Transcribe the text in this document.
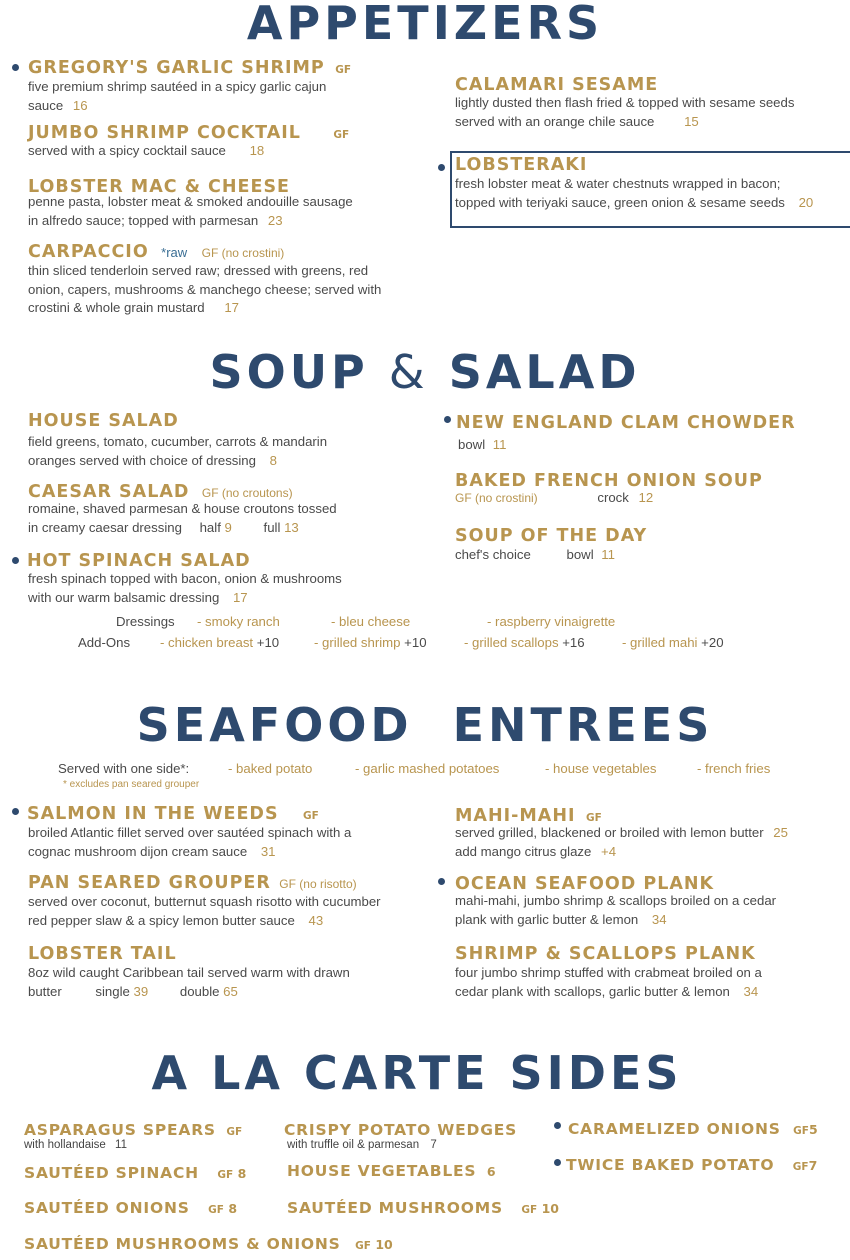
APPETIZERS
GREGORY'S GARLIC SHRIMP GF
five premium shrimp sautéed in a spicy garlic cajun
sauce 16
JUMBO SHRIMP COCKTAIL	GF
served with a spicy cocktail sauce 18
LOBSTER MAC & CHEESE
penne pasta, lobster meat & smoked andouille sausage
in alfredo sauce; topped with parmesan 23
CARPACCIO *raw GF (no crostini)
thin sliced tenderloin served raw; dressed with greens, red
onion, capers, mushrooms & manchego cheese; served with
crostini & whole grain mustard 17
CALAMARI SESAME
lightly dusted then flash fried & topped with sesame seeds
served with an orange chile sauce 15
LOBSTERAKI
fresh lobster meat & water chestnuts wrapped in bacon;
topped with teriyaki sauce, green onion & sesame seeds 20
SOUP & SALAD
HOUSE SALAD
field greens, tomato, cucumber, carrots & mandarin
oranges served with choice of dressing 8
CAESAR SALAD GF (no croutons)
romaine, shaved parmesan & house croutons tossed
in creamy caesar dressing half 9 full 13
HOT SPINACH SALAD
fresh spinach topped with bacon, onion & mushrooms
with our warm balsamic dressing 17
NEW ENGLAND CLAM CHOWDER
bowl 11
BAKED FRENCH ONION SOUP
GF (no crostini)	crock 12
SOUP OF THE DAY
chef's choice	bowl 11
Dressings - smoky ranch	- bleu cheese	- raspberry vinaigrette
Add-Ons - chicken breast +10	- grilled shrimp +10	- grilled scallops +16	- grilled mahi +20
SEAFOOD  ENTREES
Served with one side*:	- baked potato	- garlic mashed potatoes	- house vegetables	- french fries
* excludes pan seared grouper
SALMON IN THE WEEDS GF
broiled Atlantic fillet served over sautéed spinach with a
cognac mushroom dijon cream sauce 31
PAN SEARED GROUPER GF (no risotto)
served over coconut, butternut squash risotto with cucumber
red pepper slaw & a spicy lemon butter sauce 43
LOBSTER TAIL
8oz wild caught Caribbean tail served warm with drawn
butter	single 39 double 65
MAHI-MAHI GF
served grilled, blackened or broiled with lemon butter 25
add mango citrus glaze +4
OCEAN SEAFOOD PLANK
mahi-mahi, jumbo shrimp & scallops broiled on a cedar
plank with garlic butter & lemon 34
SHRIMP & SCALLOPS PLANK
four jumbo shrimp stuffed with crabmeat broiled on a
cedar plank with scallops, garlic butter & lemon 34
A LA CARTE SIDES
ASPARAGUS SPEARS GF
with hollandaise 11
SAUTÉED SPINACH GF 8
SAUTÉED ONIONS GF 8
SAUTÉED MUSHROOMS & ONIONS GF 10
CRISPY POTATO WEDGES
with truffle oil & parmesan 7
HOUSE VEGETABLES 6
SAUTÉED MUSHROOMS GF 10
CARAMELIZED ONIONS GF5
TWICE BAKED POTATO GF7
